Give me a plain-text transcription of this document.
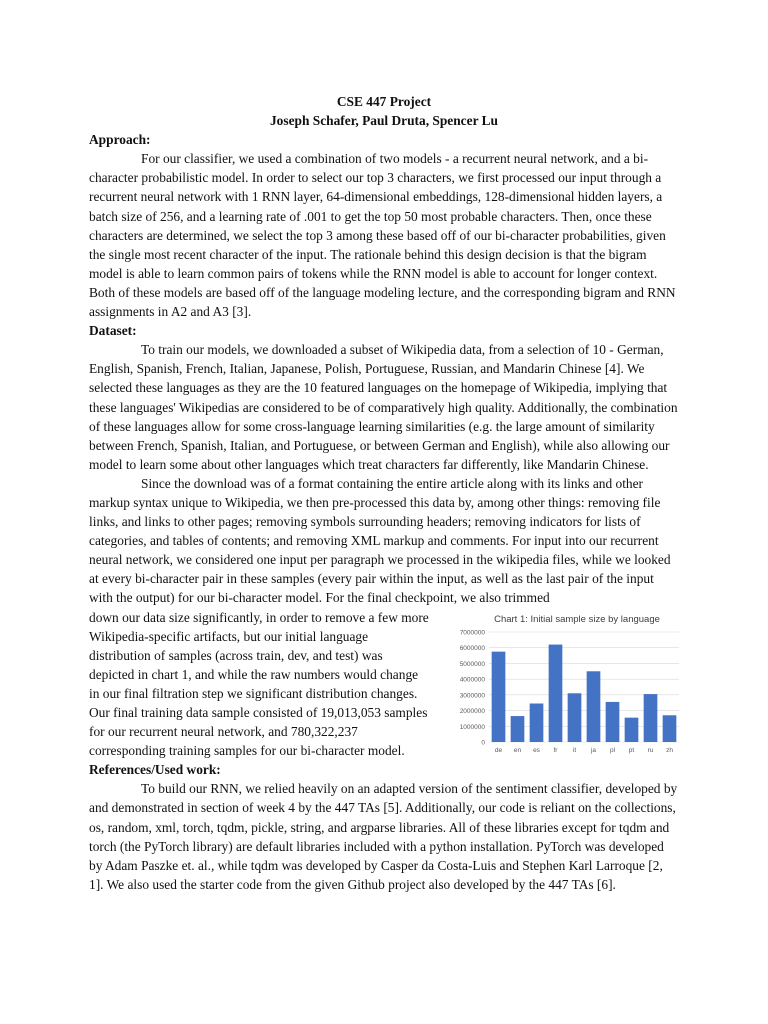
CSE 447 Project
Joseph Schafer, Paul Druta, Spencer Lu
Approach:

For our classifier, we used a combination of two models - a recurrent neural network, and a bi-character probabilistic model. In order to select our top 3 characters, we first processed our input through a recurrent neural network with 1 RNN layer, 64-dimensional embeddings, 128-dimensional hidden layers, a batch size of 256, and a learning rate of .001 to get the top 50 most probable characters. Then, once these characters are determined, we select the top 3 among these based off of our bi-character probabilities, given the single most recent character of the input. The rationale behind this design decision is that the bigram model is able to learn common pairs of tokens while the RNN model is able to account for longer context. Both of these models are based off of the language modeling lecture, and the corresponding bigram and RNN assignments in A2 and A3 [3].

Dataset:

To train our models, we downloaded a subset of Wikipedia data, from a selection of 10 - German, English, Spanish, French, Italian, Japanese, Polish, Portuguese, Russian, and Mandarin Chinese [4]. We selected these languages as they are the 10 featured languages on the homepage of Wikipedia, implying that these languages' Wikipedias are considered to be of comparatively high quality. Additionally, the combination of these languages allow for some cross-language learning similarities (e.g. the large amount of similarity between French, Spanish, Italian, and Portuguese, or between German and English), while also allowing our model to learn some about other languages which treat characters far differently, like Mandarin Chinese.

Since the download was of a format containing the entire article along with its links and other markup syntax unique to Wikipedia, we then pre-processed this data by, among other things: removing file links, and links to other pages; removing symbols surrounding headers; removing indicators for lists of categories, and tables of contents; and removing XML markup and comments. For input into our recurrent neural network, we considered one input per paragraph we processed in the wikipedia files, while we looked at every bi-character pair in these samples (every pair within the input, as well as the last pair of the input with the output) for our bi-character model. For the final checkpoint, we also trimmed

down our data size significantly, in order to remove a few more
Wikipedia-specific artifacts, but our initial language
distribution of samples (across train, dev, and test) was
depicted in chart 1, and while the raw numbers would change
in our final filtration step we significant distribution changes.
Our final training data sample consisted of 19,013,053 samples
for our recurrent neural network, and 780,322,237
corresponding training samples for our bi-character model.
Chart 1: Initial sample size by language
0
1000000
2000000
3000000
4000000
5000000
6000000
7000000
de en es fr it ja pl pt ru zh
References/Used work:

To build our RNN, we relied heavily on an adapted version of the sentiment classifier, developed by and demonstrated in section of week 4 by the 447 TAs [5]. Additionally, our code is reliant on the collections, os, random, xml, torch, tqdm, pickle, string, and argparse libraries. All of these libraries except for tqdm and torch (the PyTorch library) are default libraries included with a python installation. PyTorch was developed by Adam Paszke et. al., while tqdm was developed by Casper da Costa-Luis and Stephen Karl Larroque [2, 1]. We also used the starter code from the given Github project also developed by the 447 TAs [6].
